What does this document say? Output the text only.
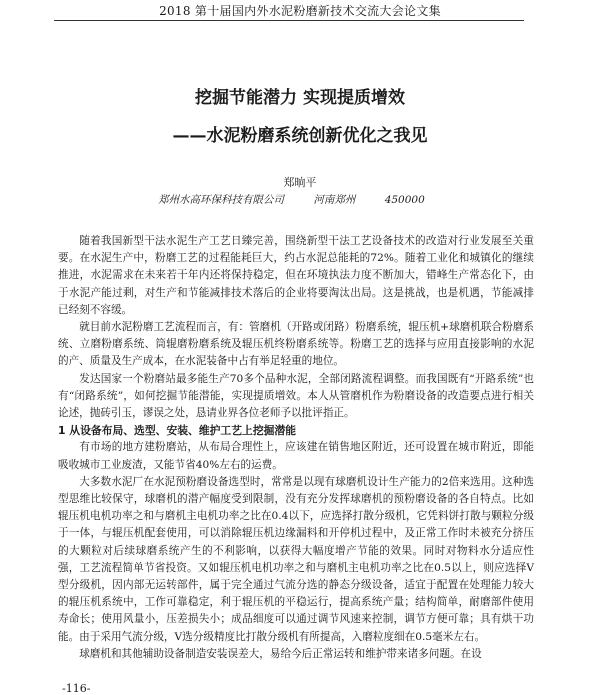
2018 第十届国内外水泥粉磨新技术交流大会论文集
挖掘节能潜力 实现提质增效
——水泥粉磨系统创新优化之我见
郑晌平
郑州水高环保科技有限公司	河南郑州	450000

随着我国新型干法水泥生产工艺日臻完善，围绕新型干法工艺设备技术的改造对行业发展至关重要。在水泥生产中，粉磨工艺的过程能耗巨大，约占水泥总能耗的72%。随着工业化和城镇化的继续推进，水泥需求在未来若干年内还将保持稳定，但在环境执法力度不断加大，错峰生产常态化下，由于水泥产能过剩，对生产和节能减排技术落后的企业将要淘汰出局。这是挑战，也是机遇，节能减排已经刻不容缓。

就目前水泥粉磨工艺流程而言，有：管磨机（开路或闭路）粉磨系统，辊压机+球磨机联合粉磨系统、立磨粉磨系统、筒辊磨粉磨系统及辊压机终粉磨系统等。粉磨工艺的选择与应用直接影响的水泥的产、质量及生产成本，在水泥装备中占有举足轻重的地位。

发达国家一个粉磨站最多能生产70多个品种水泥，全部闭路流程调整。而我国既有“开路系统”也有“闭路系统”，如何挖掘节能潜能，实现提质增效。本人从管磨机作为粉磨设备的改造要点进行相关论述，抛砖引玉，谬误之处，恳请业界各位老师予以批评指正。

1 从设备布局、选型、安装、维护工艺上挖掘潜能

有市场的地方建粉磨站，从布局合理性上，应该建在销售地区附近，还可设置在城市附近，即能吸收城市工业废渣，又能节省40%左右的运费。

大多数水泥厂在水泥预粉磨设备选型时，常常是以现有球磨机设计生产能力的2倍来选用。这种选型思维比较保守，球磨机的潜产幅度受到限制，没有充分发挥球磨机的预粉磨设备的各自特点。比如辊压机电机功率之和与磨机主电机功率之比在0.4以下，应选择打散分级机，它凭料饼打散与颗粒分级于一体，与辊压机配套使用，可以消除辊压机边缘漏料和开停机过程中，及正常工作时未被充分挤压的大颗粒对后续球磨系统产生的不利影响，以获得大幅度增产节能的效果。同时对物料水分适应性强，工艺流程简单节省投资。又如辊压机电机功率之和与磨机主电机功率之比在0.5以上，则应选择V型分级机，因内部无运转部件，属于完全通过气流分选的静态分级设备，适宜于配置在处理能力较大的辊压机系统中，工作可靠稳定，利于辊压机的平稳运行，提高系统产量；结构简单，耐磨部件使用寿命长；使用风量小，压差损失小；成品细度可以通过调节风速来控制，调节方便可靠；具有烘干功能。由于采用气流分级，V选分级精度比打散分级机有所提高，入磨粒度细在0.5毫米左右。

球磨机和其他辅助设备制造安装误差大，易给今后正常运转和维护带来诸多问题。在设

-116-
